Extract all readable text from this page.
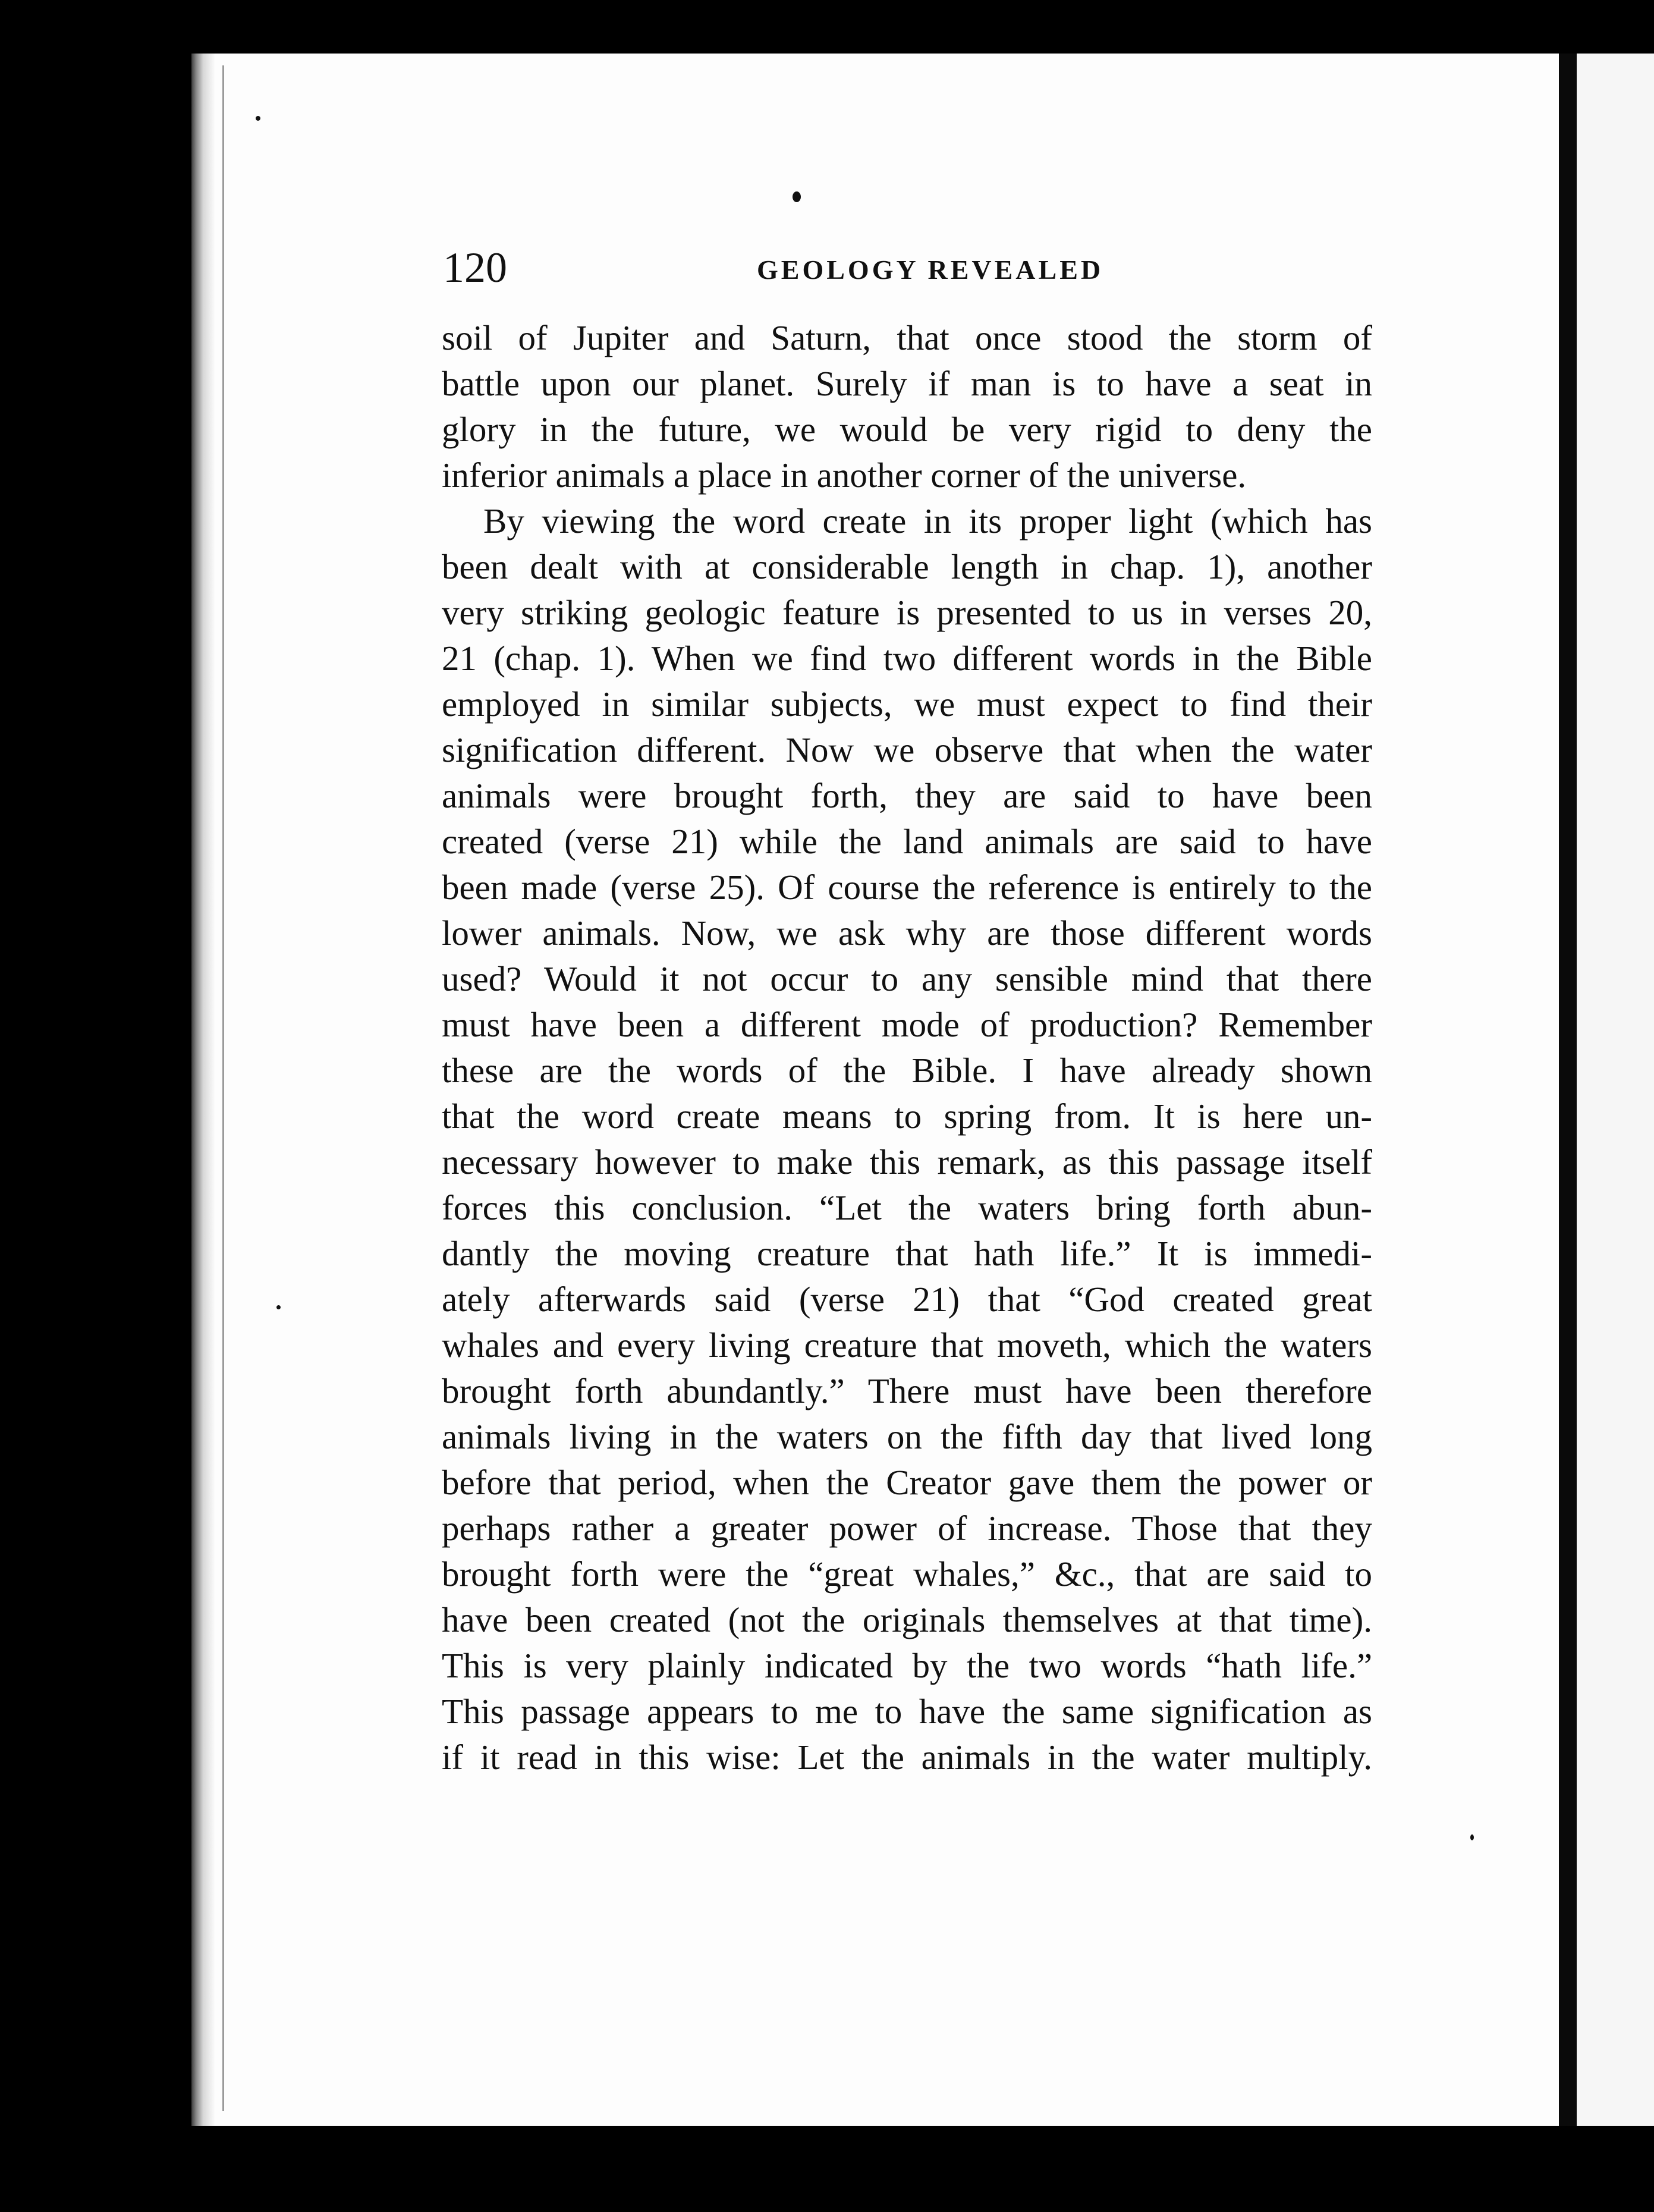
120	GEOLOGY REVEALED
soil of Jupiter and Saturn, that once stood the storm of
battle upon our planet. Surely if man is to have a seat in
glory in the future, we would be very rigid to deny the
inferior animals a place in another corner of the universe.
By viewing the word create in its proper light (which has
been dealt with at considerable length in chap. 1), another
very striking geologic feature is presented to us in verses 20,
21 (chap. 1). When we find two different words in the Bible
employed in similar subjects, we must expect to find their
signification different. Now we observe that when the water
animals were brought forth, they are said to have been
created (verse 21) while the land animals are said to have
been made (verse 25). Of course the reference is entirely to the
lower animals. Now, we ask why are those different words
used? Would it not occur to any sensible mind that there
must have been a different mode of production? Remember
these are the words of the Bible. I have already shown
that the word create means to spring from. It is here un-
necessary however to make this remark, as this passage itself
forces this conclusion. “Let the waters bring forth abun-
dantly the moving creature that hath life.” It is immedi-
ately afterwards said (verse 21) that “God created great
whales and every living creature that moveth, which the waters
brought forth abundantly.” There must have been therefore
animals living in the waters on the fifth day that lived long
before that period, when the Creator gave them the power or
perhaps rather a greater power of increase. Those that they
brought forth were the “great whales,” &c., that are said to
have been created (not the originals themselves at that time).
This is very plainly indicated by the two words “hath life.”
This passage appears to me to have the same signification as
if it read in this wise: Let the animals in the water multiply.
